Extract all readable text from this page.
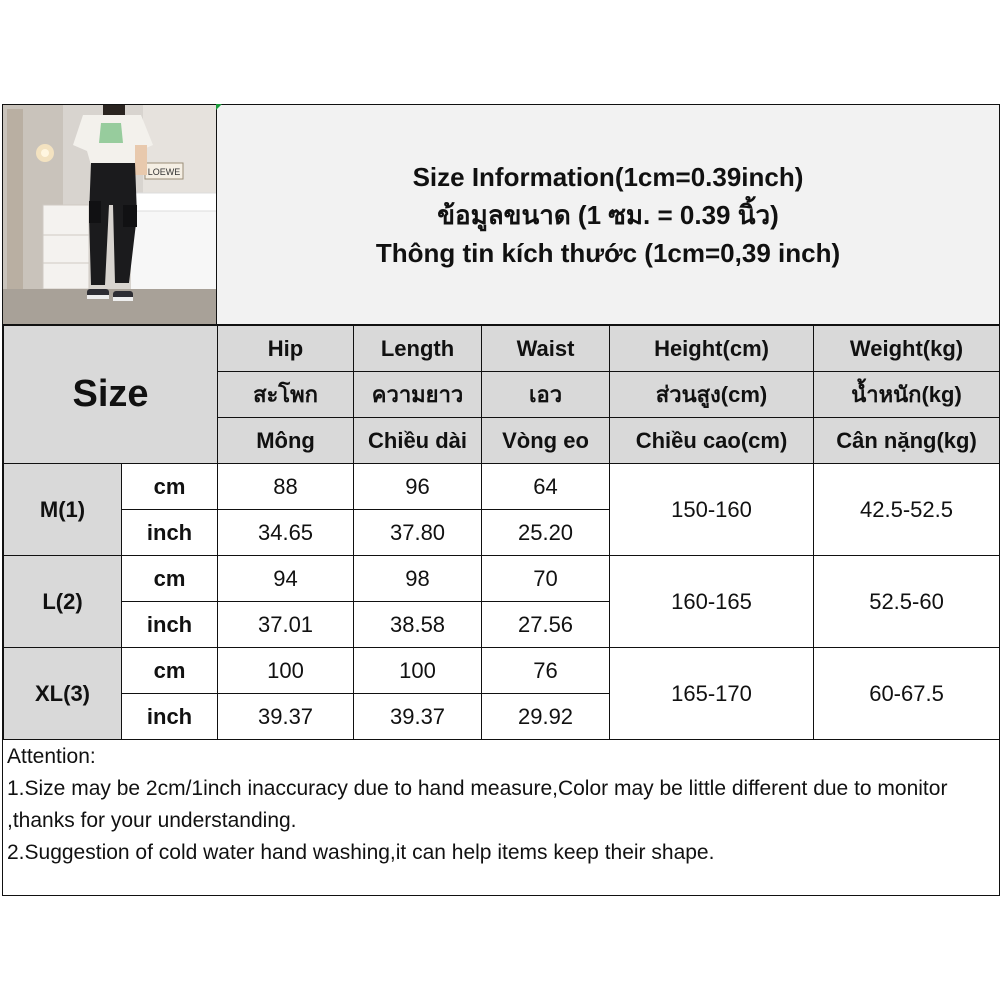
LOEWE	Size Information(1cm=0.39inch)
ข้อมูลขนาด (1 ซม. = 0.39 นิ้ว)
Thông tin kích thước (1cm=0,39 inch)
Size		Hip	Length	Waist	Height(cm)	Weight(kg)
		สะโพก	ความยาว	เอว	ส่วนสูง(cm)	น้ำหนัก(kg)
		Mông	Chiều dài	Vòng eo	Chiều cao(cm)	Cân nặng(kg)
M(1)	cm	88	96	64	150-160	42.5-52.5
	inch	34.65	37.80	25.20		
L(2)	cm	94	98	70	160-165	52.5-60
	inch	37.01	38.58	27.56		
XL(3)	cm	100	100	76	165-170	60-67.5
	inch	39.37	39.37	29.92		

Attention:

1.Size may be 2cm/1inch inaccuracy due to hand measure,Color may be little different due to monitor ,thanks for your understanding.

2.Suggestion of cold water hand washing,it can help items keep their shape.
